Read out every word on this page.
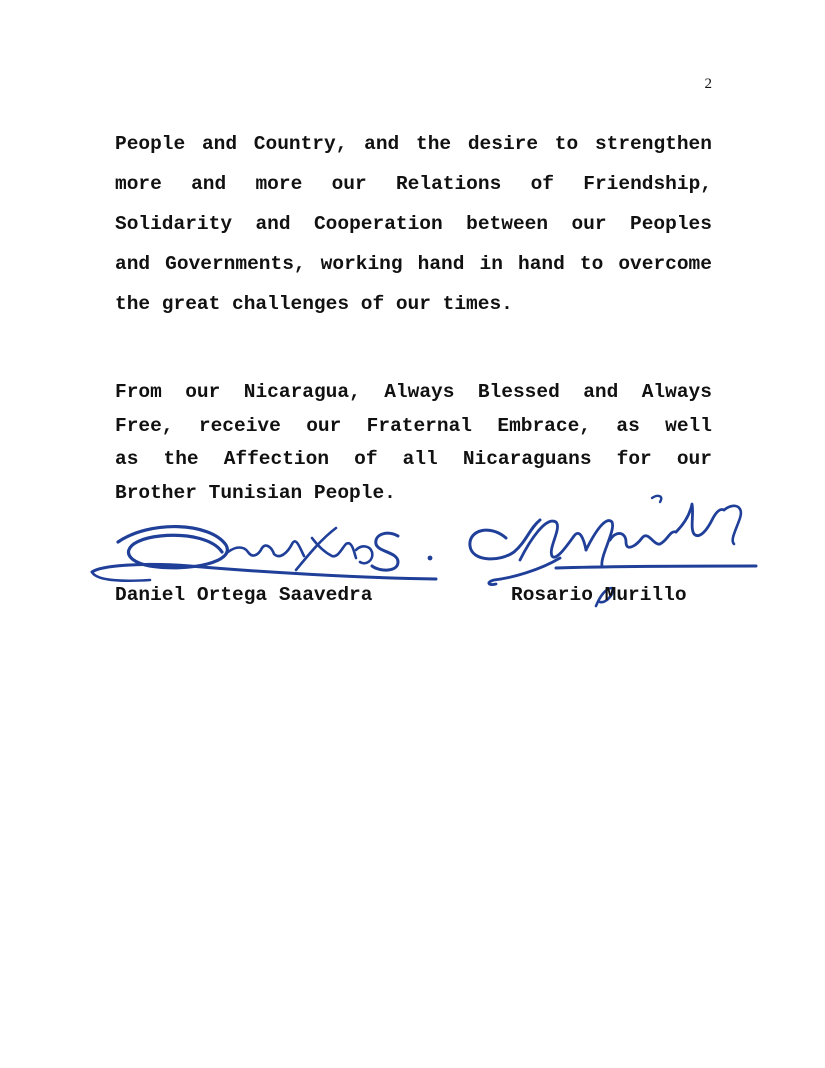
2
People and Country, and the desire to strengthen
more and more our Relations of Friendship,
Solidarity and Cooperation between our Peoples
and Governments, working hand in hand to overcome
the great challenges of our times.
From our Nicaragua, Always Blessed and Always
Free, receive our Fraternal Embrace, as well
as the Affection of all Nicaraguans for our
Brother Tunisian People.
Daniel Ortega Saavedra	Rosario Murillo
